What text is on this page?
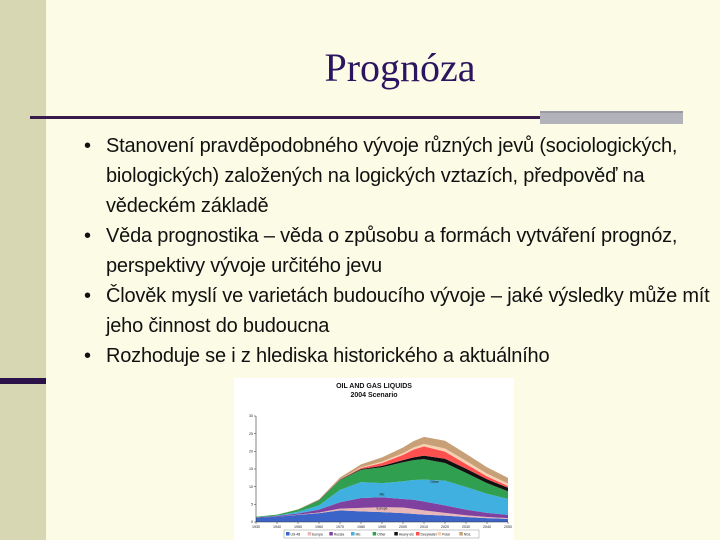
Prognóza
• Stanovení pravděpodobného vývoje různých jevů (sociologických, biologických) založených na logických vztazích, předpověď na vědeckém základě
• Věda prognostika – věda o způsobu a formách vytváření prognóz, perspektivy vývoje určitého jevu
• Člověk myslí ve varietách budoucího vývoje – jaké výsledky může mít jeho činnost do budoucna
• Rozhoduje se i z hlediska historického a aktuálního
OIL AND GAS LIQUIDS
2004 Scenario
0
5
10
15
20
25
30
1930	1940	1950	1960	1970	1980	1990	2000	2010	2020	2030	2040	2050
ME
Other
Europe
US-48	Europe	Russia	ME	Other	Heavy etc Deepwater Polar	NGL
